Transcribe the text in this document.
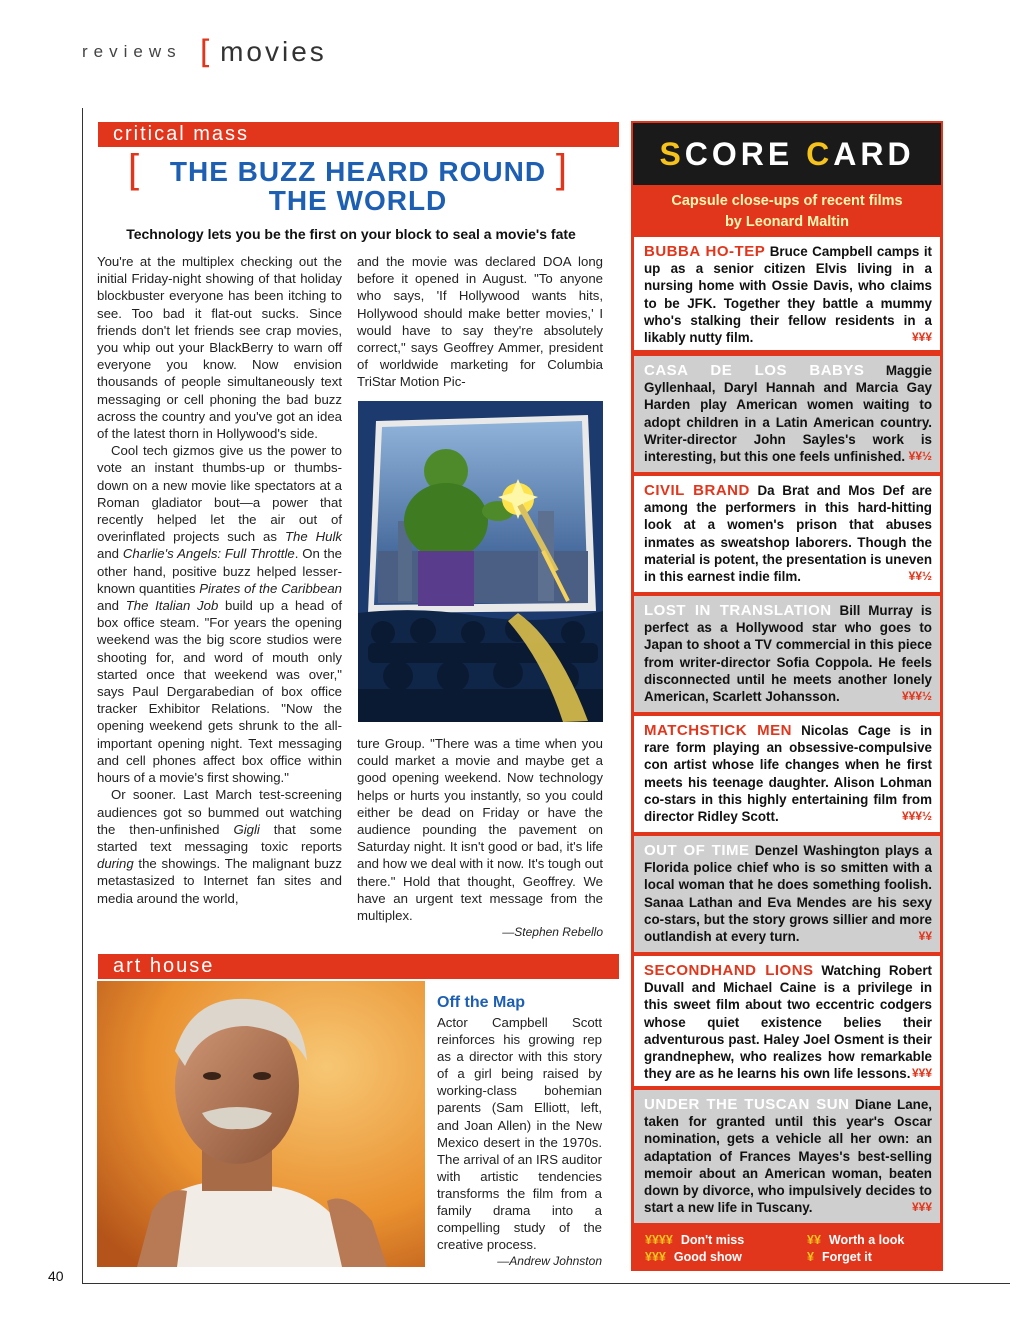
reviews [ movies
40
critical mass
[	THE BUZZ HEARD ROUND
THE WORLD
]
Technology lets you be the first on your block to seal a movie's fate

You're at the multiplex checking out the initial Friday-night showing of that holiday blockbuster everyone has been itching to see. Too bad it flat-out sucks. Since friends don't let friends see crap movies, you whip out your BlackBerry to warn off everyone you know. Now envision thousands of people simultaneously text messaging or cell phoning the bad buzz across the country and you've got an idea of the latest thorn in Hollywood's side.

Cool tech gizmos give us the power to vote an instant thumbs-up or thumbs-down on a new movie like spectators at a Roman gladiator bout—a power that recently helped let the air out of overinflated projects such as The Hulk and Charlie's Angels: Full Throttle. On the other hand, positive buzz helped lesser-known quantities Pirates of the Caribbean and The Italian Job build up a head of box office steam. "For years the opening weekend was the big score studios were shooting for, and word of mouth only started once that weekend was over," says Paul Dergarabedian of box office tracker Exhibitor Relations. "Now the opening weekend gets shrunk to the all-important opening night. Text messaging and cell phones affect box office within hours of a movie's first showing."

Or sooner. Last March test-screening audiences got so bummed out watching the then-unfinished Gigli that some started text messaging toxic reports during the showings. The malignant buzz metastasized to Internet fan sites and media around the world,

and the movie was declared DOA long before it opened in August. "To anyone who says, 'If Hollywood wants hits, Hollywood should make better movies,' I would have to say they're absolutely correct," says Geoffrey Ammer, president of worldwide marketing for Columbia TriStar Motion Pic-

ture Group. "There was a time when you could market a movie and maybe get a good opening weekend. Now technology helps or hurts you instantly, so you could either be dead on Friday or have the audience pounding the pavement on Saturday night. It isn't good or bad, it's life and how we deal with it now. It's tough out there." Hold that thought, Geoffrey. We have an urgent text message from the multiplex.

—Stephen Rebello
art house
Off the Map

Actor Campbell Scott reinforces his growing rep as a director with this story of a girl being raised by working-class bohemian parents (Sam Elliott, left, and Joan Allen) in the New Mexico desert in the 1970s. The arrival of an IRS auditor with artistic tendencies transforms the film from a family drama into a compelling study of the creative process.

—Andrew Johnston
SCORE CARD
Capsule close-ups of recent films
by Leonard Maltin
BUBBA HO-TEP Bruce Campbell camps it up as a senior citizen Elvis living in a nursing home with Ossie Davis, who claims to be JFK. Together they battle a mummy who's stalking their fellow residents in a likably nutty film.	¥¥¥
CASA DE LOS BABYS Maggie Gyllenhaal, Daryl Hannah and Marcia Gay Harden play American women waiting to adopt children in a Latin American country. Writer-director John Sayles's work is interesting, but this one feels unfinished. ¥¥½
CIVIL BRAND Da Brat and Mos Def are among the performers in this hard-hitting look at a women's prison that abuses inmates as sweatshop laborers. Though the material is potent, the presentation is uneven in this earnest indie film.	¥¥½
LOST IN TRANSLATION Bill Murray is perfect as a Hollywood star who goes to Japan to shoot a TV commercial in this piece from writer-director Sofia Coppola. He feels disconnected until he meets another lonely American, Scarlett Johansson.	¥¥¥½
MATCHSTICK MEN Nicolas Cage is in rare form playing an obsessive-compulsive con artist whose life changes when he first meets his teenage daughter. Alison Lohman co-stars in this highly entertaining film from director Ridley Scott.	¥¥¥½
OUT OF TIME Denzel Washington plays a Florida police chief who is so smitten with a local woman that he does something foolish. Sanaa Lathan and Eva Mendes are his sexy co-stars, but the story grows sillier and more outlandish at every turn.	¥¥
SECONDHAND LIONS Watching Robert Duvall and Michael Caine is a privilege in this sweet film about two eccentric codgers whose quiet existence belies their adventurous past. Haley Joel Osment is their grandnephew, who realizes how remarkable they are as he learns his own life lessons. ¥¥¥
UNDER THE TUSCAN SUN Diane Lane, taken for granted until this year's Oscar nomination, gets a vehicle all her own: an adaptation of Frances Mayes's best-selling memoir about an American woman, beaten down by divorce, who impulsively decides to start a new life in Tuscany.	¥¥¥
¥¥¥¥ Don't miss	¥¥ Worth a look
¥¥¥ Good show	¥ Forget it
